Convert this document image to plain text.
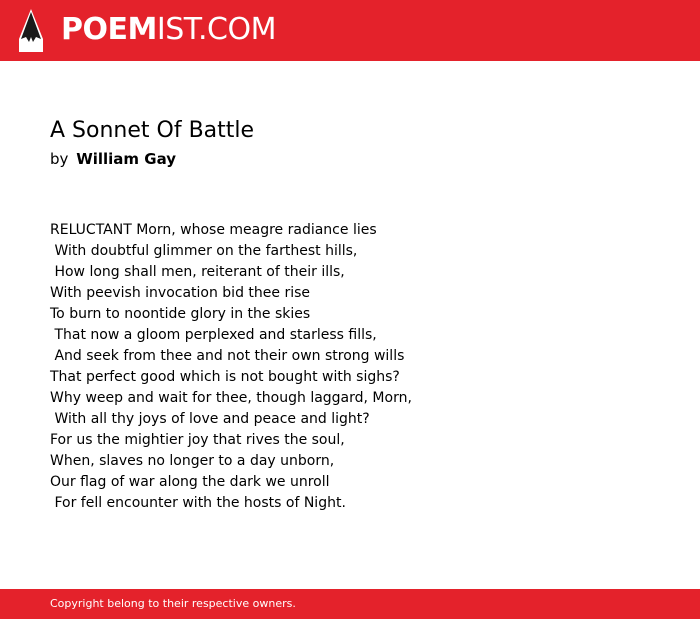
POEMIST.COM
A Sonnet Of Battle
by William Gay
RELUCTANT Morn, whose meagre radiance lies
With doubtful glimmer on the farthest hills,
How long shall men, reiterant of their ills,
With peevish invocation bid thee rise
To burn to noontide glory in the skies
That now a gloom perplexed and starless fills,
And seek from thee and not their own strong wills
That perfect good which is not bought with sighs?
Why weep and wait for thee, though laggard, Morn,
With all thy joys of love and peace and light?
For us the mightier joy that rives the soul,
When, slaves no longer to a day unborn,
Our flag of war along the dark we unroll
For fell encounter with the hosts of Night.
Copyright belong to their respective owners.
